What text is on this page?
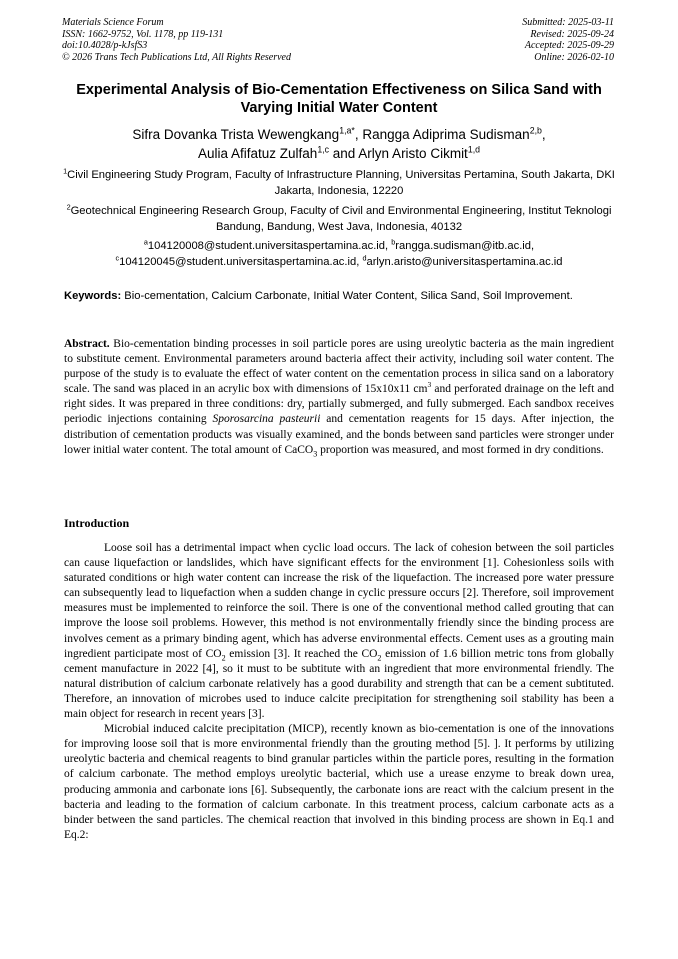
Materials Science Forum
ISSN: 1662-9752, Vol. 1178, pp 119-131
doi:10.4028/p-kJsfS3
© 2026 Trans Tech Publications Ltd, All Rights Reserved
Submitted: 2025-03-11
Revised: 2025-09-24
Accepted: 2025-09-29
Online: 2026-02-10
Experimental Analysis of Bio-Cementation Effectiveness on Silica Sand with Varying Initial Water Content
Sifra Dovanka Trista Wewengkang$^{1,a*}$, Rangga Adiprima Sudisman$^{2,b}$,
Aulia Afifatuz Zulfah$^{1,c}$ and Arlyn Aristo Cikmit$^{1,d}$
$^1$Civil Engineering Study Program, Faculty of Infrastructure Planning, Universitas Pertamina, South Jakarta, DKI Jakarta, Indonesia, 12220
$^2$Geotechnical Engineering Research Group, Faculty of Civil and Environmental Engineering, Institut Teknologi Bandung, Bandung, West Java, Indonesia, 40132
$^a$104120008@student.universitaspertamina.ac.id, $^b$rangga.sudisman@itb.ac.id,
$^c$104120045@student.universitaspertamina.ac.id, $^d$arlyn.aristo@universitaspertamina.ac.id
Keywords: Bio-cementation, Calcium Carbonate, Initial Water Content, Silica Sand, Soil Improvement.
Abstract. Bio-cementation binding processes in soil particle pores are using ureolytic bacteria as the main ingredient to substitute cement. Environmental parameters around bacteria affect their activity, including soil water content. The purpose of the study is to evaluate the effect of water content on the cementation process in silica sand on a laboratory scale. The sand was placed in an acrylic box with dimensions of 15x10x11 $cm^3$ and perforated drainage on the left and right sides. It was prepared in three conditions: dry, partially submerged, and fully submerged. Each sandbox receives periodic injections containing Sporosarcina pasteurii and cementation reagents for 15 days. After injection, the distribution of cementation products was visually examined, and the bonds between sand particles were stronger under lower initial water content. The total amount of CaCO$_3$ proportion was measured, and most formed in dry conditions.
Introduction

Loose soil has a detrimental impact when cyclic load occurs. The lack of cohesion between the soil particles can cause liquefaction or landslides, which have significant effects for the environment [1]. Cohesionless soils with saturated conditions or high water content can increase the risk of the liquefaction. The increased pore water pressure can subsequently lead to liquefaction when a sudden change in cyclic pressure occurs [2]. Therefore, soil improvement measures must be implemented to reinforce the soil. There is one of the conventional method called grouting that can improve the loose soil problems. However, this method is not environmentally friendly since the binding process are involves cement as a primary binding agent, which has adverse environmental effects. Cement uses as a grouting main ingredient participate most of $CO_2$ emission [3]. It reached the $CO_2$ emission of 1.6 billion metric tons from globally cement manufacture in 2022 [4], so it must to be subtitute with an ingredient that more environmental friendly. The natural distribution of calcium carbonate relatively has a good durability and strength that can be a cement subtituted. Therefore, an innovation of microbes used to induce calcite precipitation for strengthening soil stability has been a main object for research in recent years [3].

Microbial induced calcite precipitation (MICP), recently known as bio-cementation is one of the innovations for improving loose soil that is more environmental friendly than the grouting method [5]. ]. It performs by utilizing ureolytic bacteria and chemical reagents to bind granular particles within the particle pores, resulting in the formation of calcium carbonate. The method employs ureolytic bacterial, which use a urease enzyme to break down urea, producing ammonia and carbonate ions [6]. Subsequently, the carbonate ions are react with the calcium present in the bacteria and leading to the formation of calcium carbonate. In this treatment process, calcium carbonate acts as a binder between the sand particles. The chemical reaction that involved in this binding process are shown in Eq.1 and Eq.2:
